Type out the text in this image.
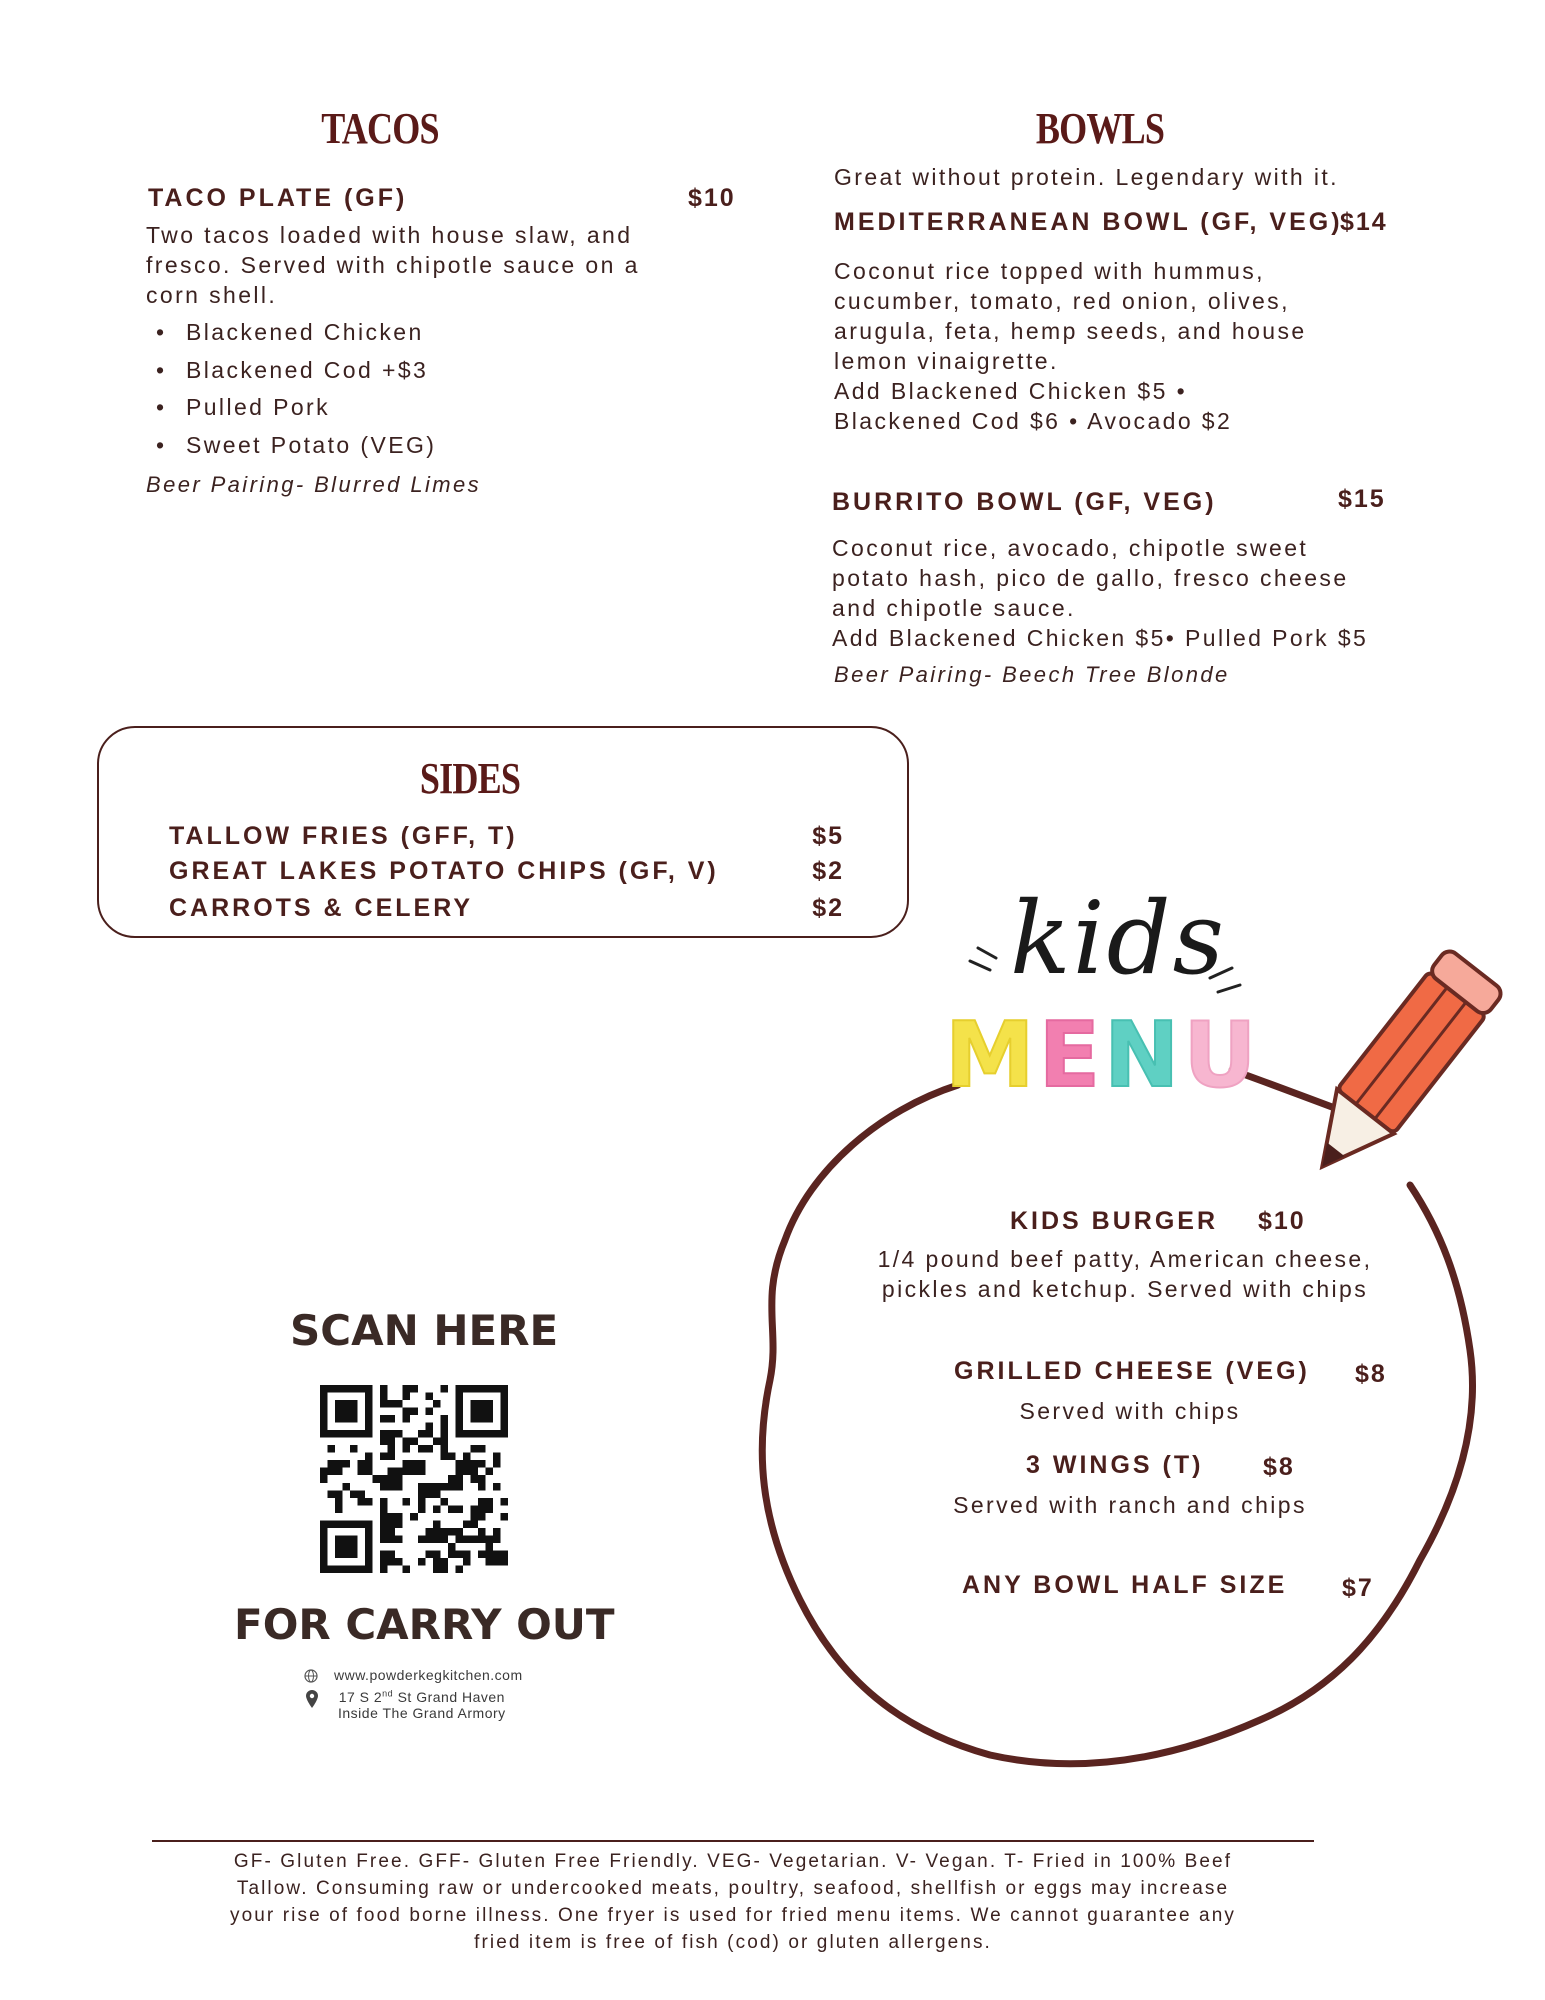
TACOS
TACO PLATE (GF)	$10
Two tacos loaded with house slaw, and
fresco. Served with chipotle sauce on a
corn shell.
• Blackened Chicken
• Blackened Cod +$3
• Pulled Pork
• Sweet Potato (VEG)
Beer Pairing- Blurred Limes
BOWLS
Great without protein. Legendary with it.
MEDITERRANEAN BOWL (GF, VEG)
$14
Coconut rice topped with hummus,
cucumber, tomato, red onion, olives,
arugula, feta, hemp seeds, and house
lemon vinaigrette.
Add Blackened Chicken $5 •
Blackened Cod $6 • Avocado $2
BURRITO BOWL (GF, VEG)	$15
Coconut rice, avocado, chipotle sweet
potato hash, pico de gallo, fresco cheese
and chipotle sauce.
Add Blackened Chicken $5• Pulled Pork $5
Beer Pairing- Beech Tree Blonde
SIDES
TALLOW FRIES (GFF, T)	$5
GREAT LAKES POTATO CHIPS (GF, V)	$2
CARROTS & CELERY	$2 kids
MENU
KIDS BURGER $10
1/4 pound beef patty, American cheese,
pickles and ketchup. Served with chips
GRILLED CHEESE (VEG) $8
Served with chips
3 WINGS (T) $8
Served with ranch and chips
ANY BOWL HALF SIZE $7
SCAN HERE
FOR CARRY OUT
www.powderkegkitchen.com
17 S 2nd St Grand Haven
Inside The Grand Armory
GF- Gluten Free. GFF- Gluten Free Friendly. VEG- Vegetarian. V- Vegan. T- Fried in 100% Beef
Tallow. Consuming raw or undercooked meats, poultry, seafood, shellfish or eggs may increase
your rise of food borne illness. One fryer is used for fried menu items. We cannot guarantee any
fried item is free of fish (cod) or gluten allergens.
